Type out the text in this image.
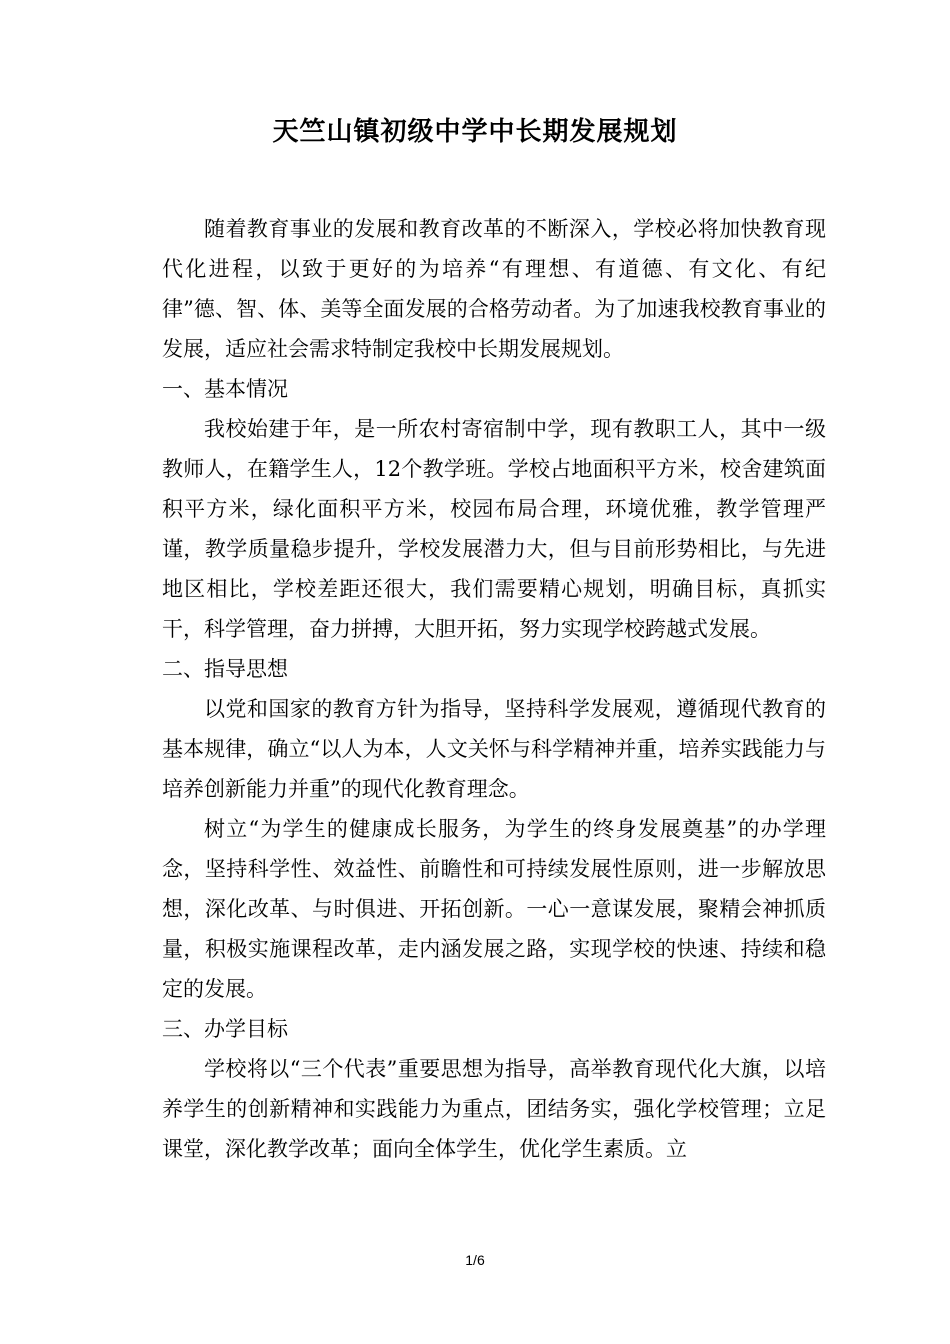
天竺山镇初级中学中长期发展规划

随着教育事业的发展和教育改革的不断深入，学校必将加快教育现代化进程，以致于更好的为培养“有理想、有道德、有文化、有纪律”德、智、体、美等全面发展的合格劳动者。为了加速我校教育事业的发展，适应社会需求特制定我校中长期发展规划。

一、基本情况

我校始建于年，是一所农村寄宿制中学，现有教职工人，其中一级教师人，在籍学生人，12个教学班。学校占地面积平方米，校舍建筑面积平方米，绿化面积平方米，校园布局合理，环境优雅，教学管理严谨，教学质量稳步提升，学校发展潜力大，但与目前形势相比，与先进地区相比，学校差距还很大，我们需要精心规划，明确目标，真抓实干，科学管理，奋力拼搏，大胆开拓，努力实现学校跨越式发展。

二、指导思想

以党和国家的教育方针为指导，坚持科学发展观，遵循现代教育的基本规律，确立“以人为本，人文关怀与科学精神并重，培养实践能力与培养创新能力并重”的现代化教育理念。

树立“为学生的健康成长服务，为学生的终身发展奠基”的办学理念，坚持科学性、效益性、前瞻性和可持续发展性原则，进一步解放思想，深化改革、与时俱进、开拓创新。一心一意谋发展，聚精会神抓质量，积极实施课程改革，走内涵发展之路，实现学校的快速、持续和稳定的发展。

三、办学目标

学校将以“三个代表”重要思想为指导，高举教育现代化大旗，以培养学生的创新精神和实践能力为重点，团结务实，强化学校管理；立足课堂，深化教学改革；面向全体学生，优化学生素质。立

1/6
